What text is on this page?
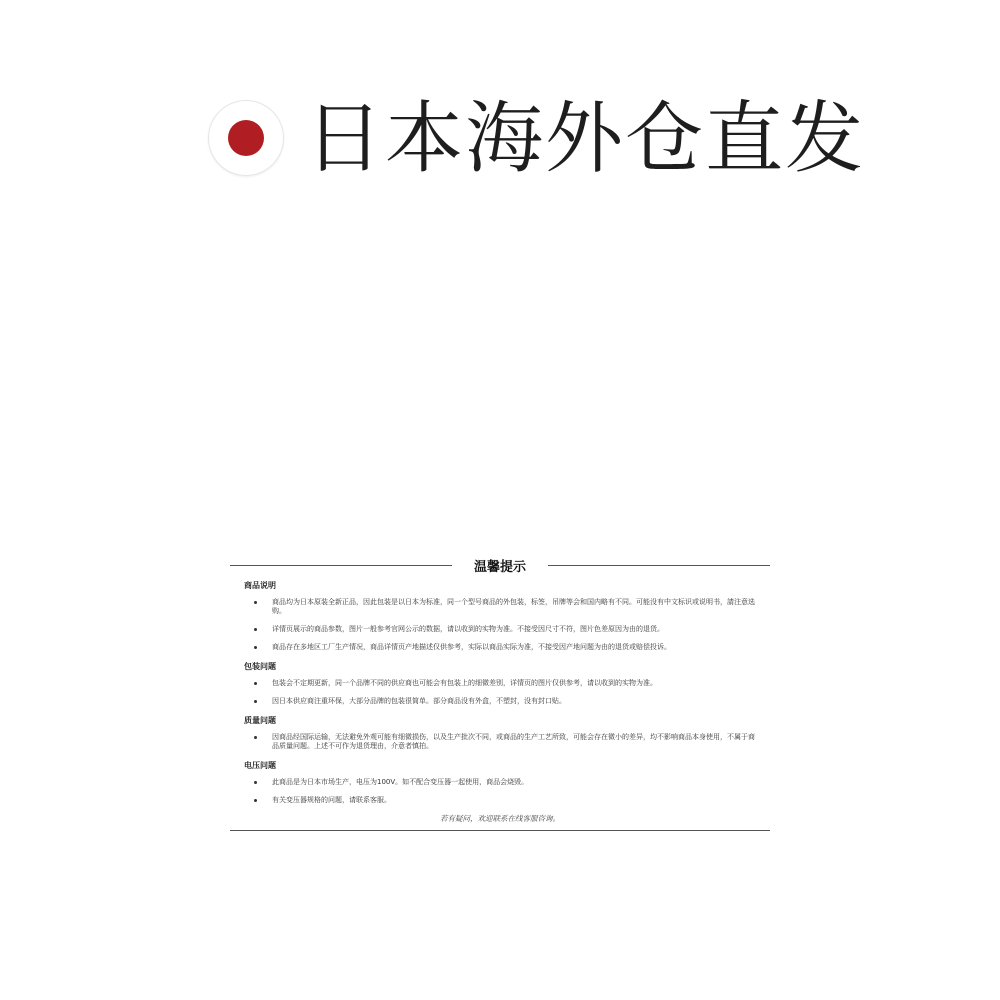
日本海外仓直发
温馨提示
商品说明
商品均为日本原装全新正品，因此包装是以日本为标准，同一个型号商品的外包装，标签，吊牌等会和国内略有不同。可能没有中文标识或说明书，請注意选购。
详情页展示的商品参数，图片一般参考官网公示的数据，请以收到的实物为准。不接受因尺寸不符，图片色差原因为由的退货。
商品存在多地区工厂生产情况，商品详情页产地描述仅供参考，实际以商品实际为准，不接受因产地问题为由的退货或赔偿投诉。
包装问题
包装会不定期更新，同一个品牌不同的供应商也可能会有包装上的细微差别，详情页的图片仅供参考，请以收到的实物为准。
因日本供应商注重环保，大部分品牌的包装很简单。部分商品没有外盒，不塑封，没有封口贴。
质量问题
因商品经国际运输，无法避免外观可能有细微损伤，以及生产批次不同，或商品的生产工艺所致，可能会存在微小的差异，均不影响商品本身使用，不属于商品质量问题。上述不可作为退货理由，介意者慎拍。
电压问题
此商品是为日本市场生产，电压为100V。如不配合变压器一起使用，商品会烧毁。
有关变压器规格的问题，请联系客服。
若有疑问，欢迎联系在线客服咨询。
